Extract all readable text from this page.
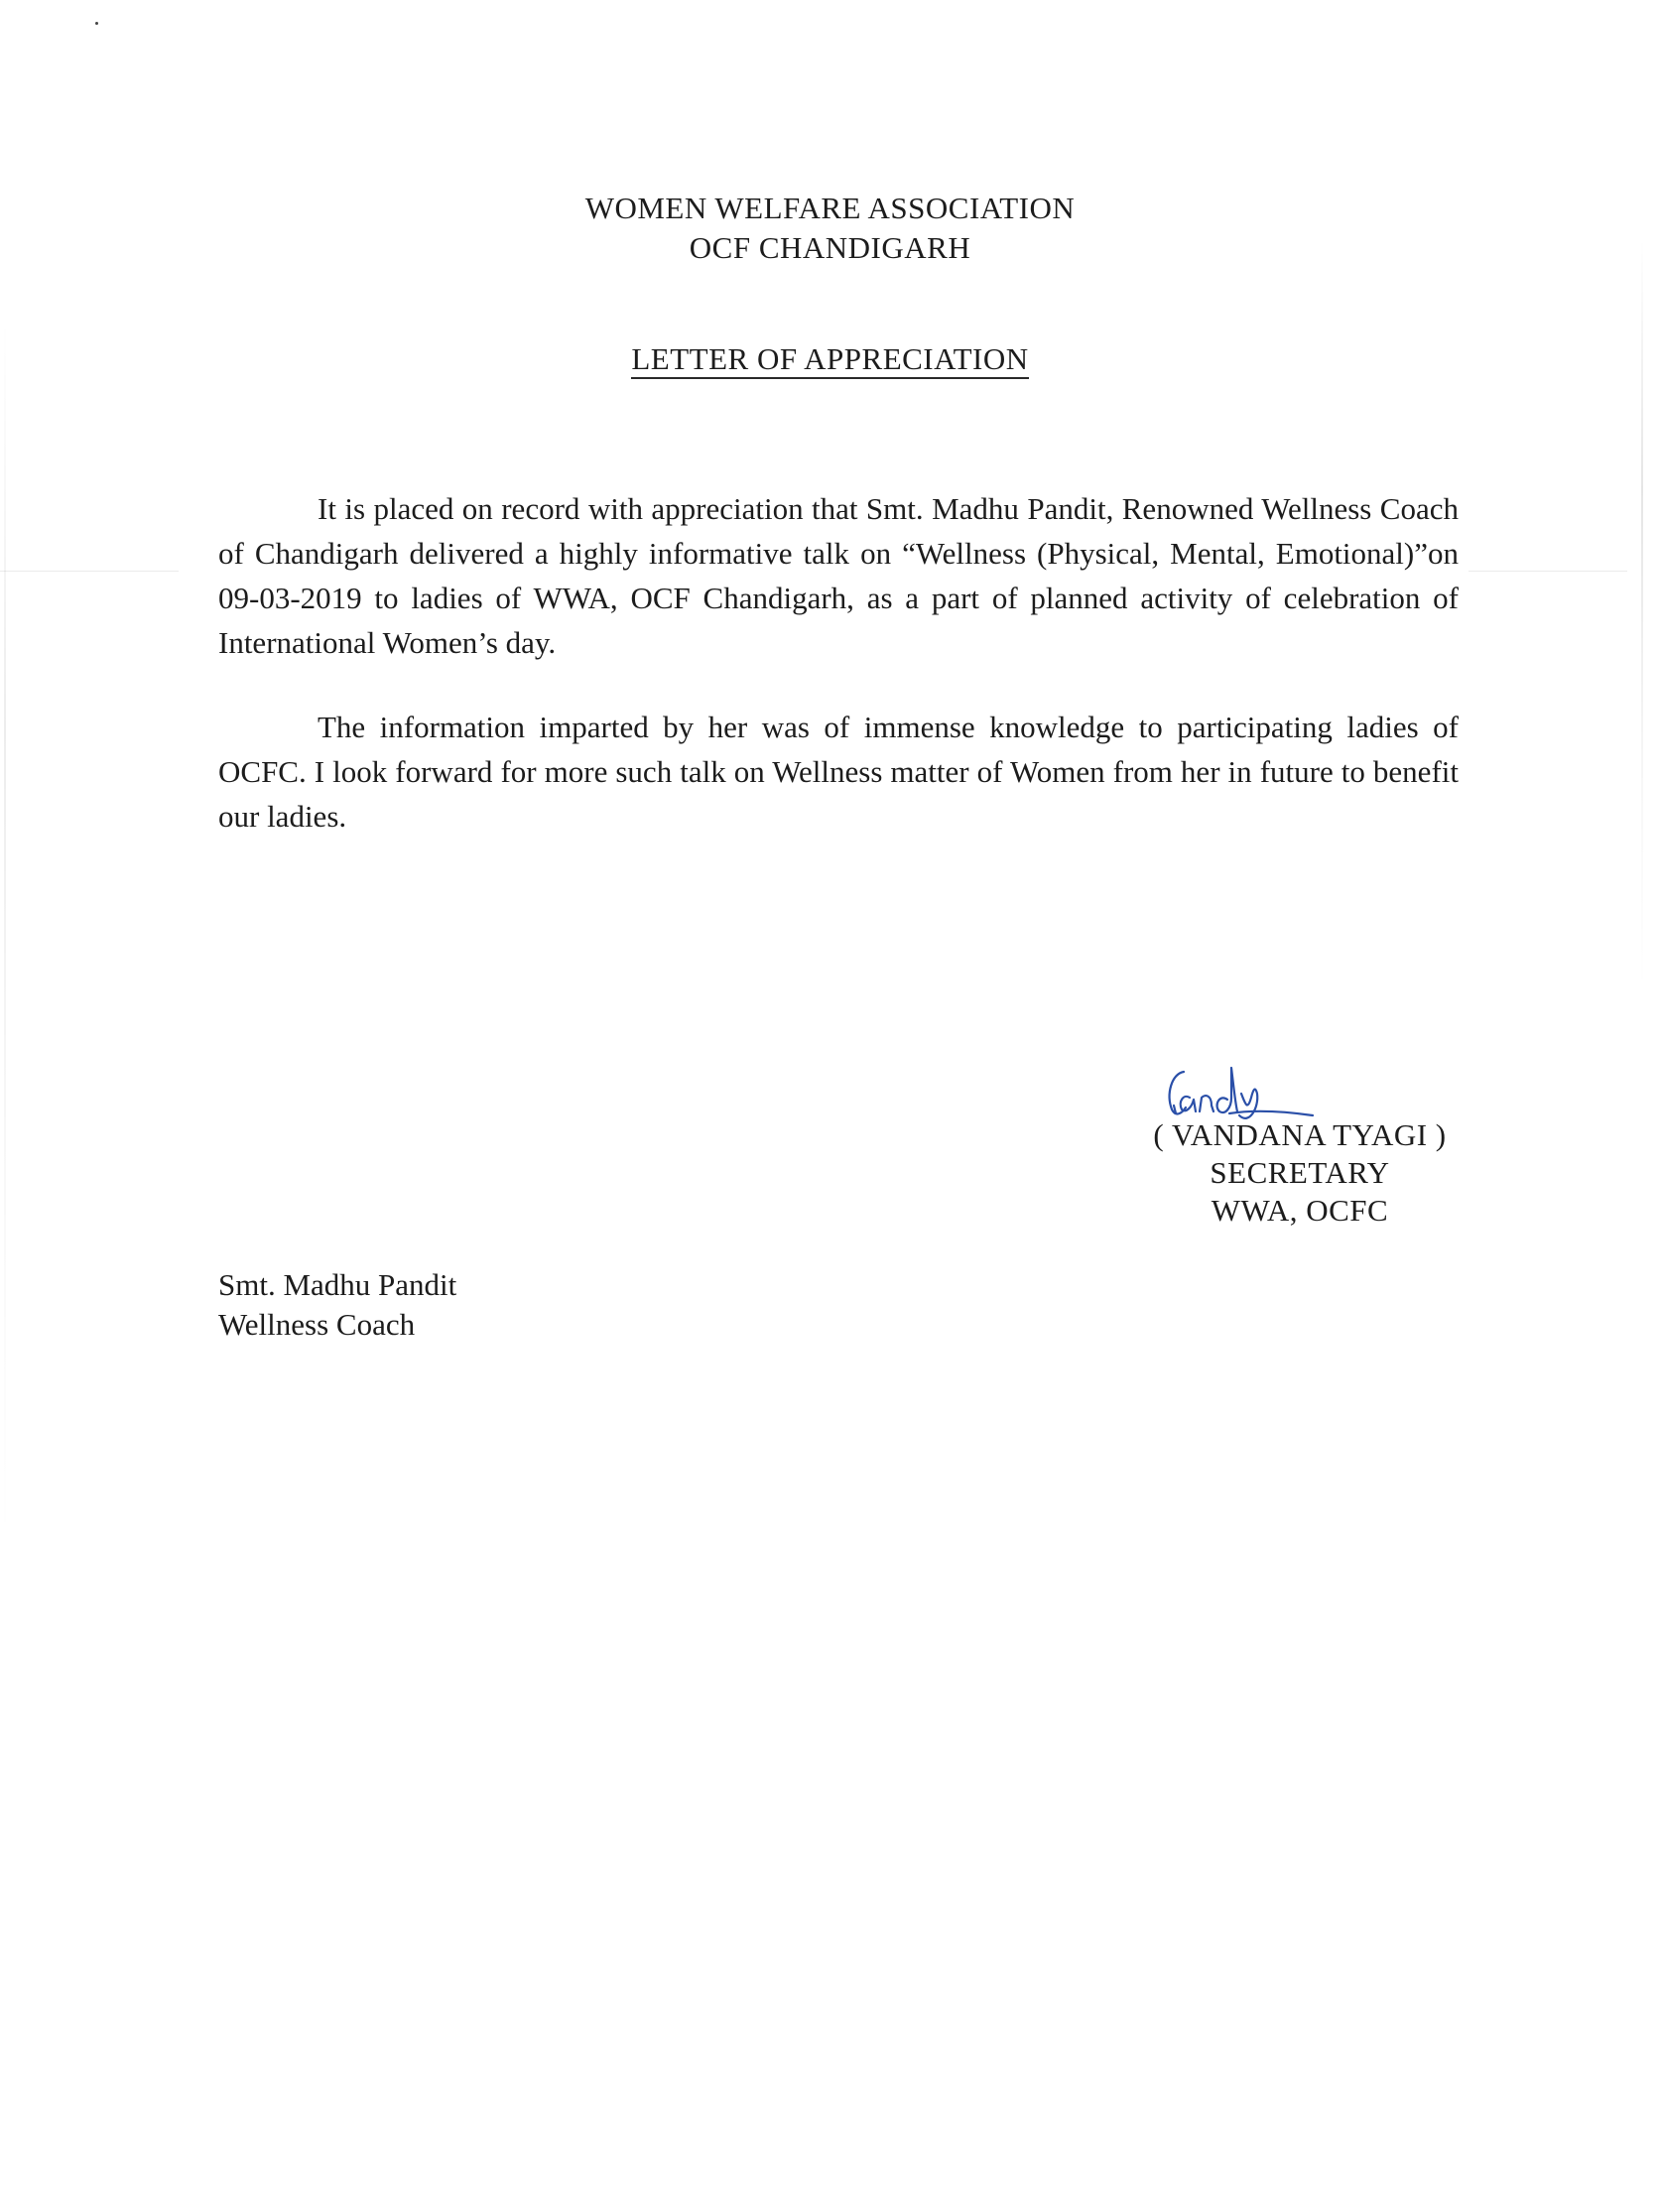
WOMEN WELFARE ASSOCIATION
OCF CHANDIGARH
LETTER OF APPRECIATION

It is placed on record with appreciation that Smt. Madhu Pandit, Renowned Wellness Coach of Chandigarh delivered a highly informative talk on “Wellness (Physical, Mental, Emotional)”on 09-03-2019 to ladies of WWA, OCF Chandigarh, as a part of planned activity of celebration of International Women’s day.

The information imparted by her was of immense knowledge to participating ladies of OCFC. I look forward for more such talk on Wellness matter of Women from her in future to benefit our ladies.

( VANDANA TYAGI )
SECRETARY
WWA, OCFC
Smt. Madhu Pandit
Wellness Coach
